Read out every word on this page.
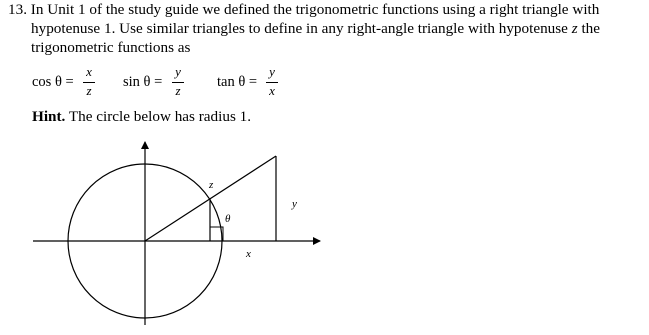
13. In Unit 1 of the study guide we defined the trigonometric functions using a right triangle with
hypotenuse 1. Use similar triangles to define in any right-angle triangle with hypotenuse z the
trigonometric functions as
cos θ =
x
z
sin θ =
y
z
tan θ =
y
x
Hint. The circle below has radius 1.
z
θ
y
x
